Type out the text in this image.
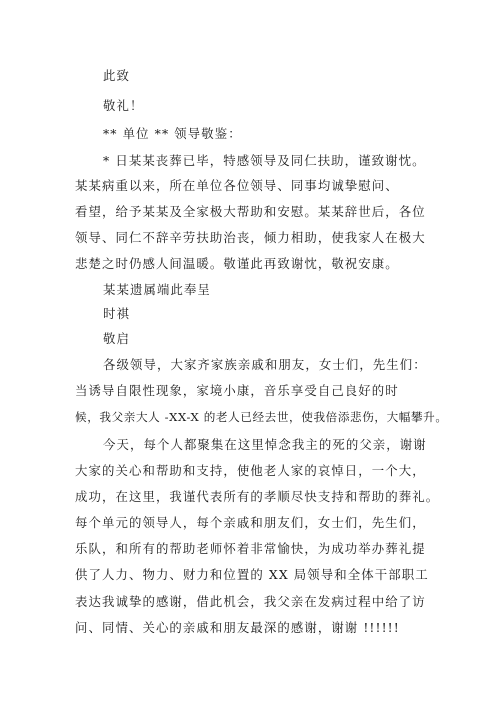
此致
敬礼！
** 单位 ** 领导敬鉴：
* 日某某丧葬已毕，特感领导及同仁扶助，谨致谢忱。
某某病重以来，所在单位各位领导、同事均诚挚慰问、
看望，给予某某及全家极大帮助和安慰。某某辞世后，各位
领导、同仁不辞辛劳扶助治丧，倾力相助，使我家人在极大
悲楚之时仍感人间温暖。敬谨此再致谢忱，敬祝安康。
某某遗属端此奉呈
时祺
敬启
各级领导，大家齐家族亲戚和朋友，女士们，先生们：
当诱导自限性现象，家境小康，音乐享受自己良好的时
候，我父亲大人 -XX-X 的老人已经去世，使我倍添悲伤，大幅攀升。
今天，每个人都聚集在这里悼念我主的死的父亲，谢谢
大家的关心和帮助和支持，使他老人家的哀悼日，一个大，
成功，在这里，我谨代表所有的孝顺尽快支持和帮助的葬礼。
每个单元的领导人，每个亲戚和朋友们，女士们，先生们，
乐队，和所有的帮助老师怀着非常愉快，为成功举办葬礼提
供了人力、物力、财力和位置的 XX 局领导和全体干部职工
表达我诚挚的感谢，借此机会，我父亲在发病过程中给了访
问、同情、关心的亲戚和朋友最深的感谢，谢谢 !!!!!!
